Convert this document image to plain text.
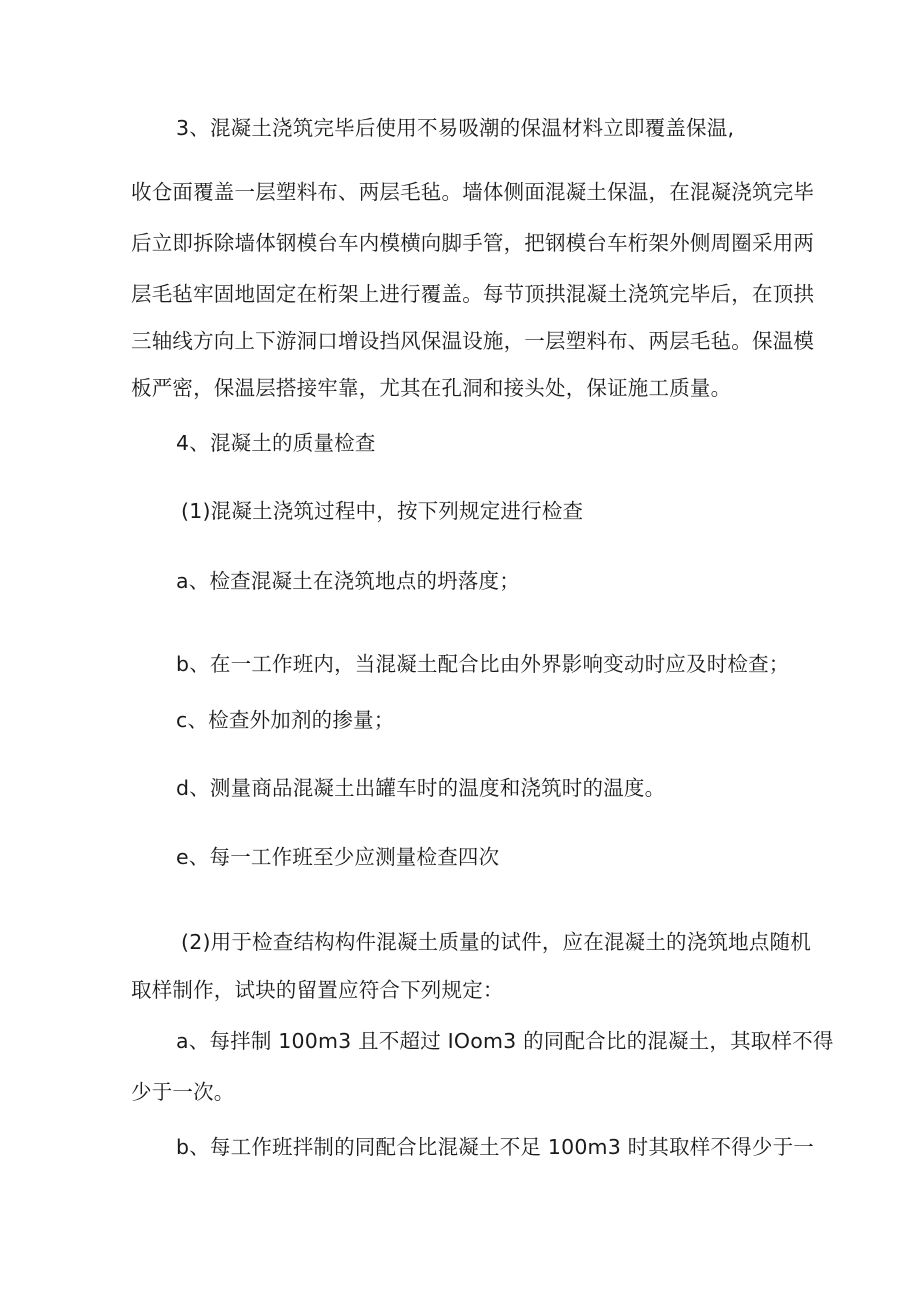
3、混凝土浇筑完毕后使用不易吸潮的保温材料立即覆盖保温,
收仓面覆盖一层塑料布、两层毛毡。墙体侧面混凝土保温，在混凝浇筑完毕
后立即拆除墙体钢模台车内模横向脚手管，把钢模台车桁架外侧周圈采用两
层毛毡牢固地固定在桁架上进行覆盖。每节顶拱混凝土浇筑完毕后，在顶拱
三轴线方向上下游洞口增设挡风保温设施，一层塑料布、两层毛毡。保温模
板严密，保温层搭接牢靠，尤其在孔洞和接头处，保证施工质量。
4、混凝土的质量检查
(1)混凝土浇筑过程中，按下列规定进行检查
a、检查混凝土在浇筑地点的坍落度；
b、在一工作班内，当混凝土配合比由外界影响变动时应及时检查；
c、检查外加剂的掺量；
d、测量商品混凝土出罐车时的温度和浇筑时的温度。
e、每一工作班至少应测量检查四次
(2)用于检查结构构件混凝土质量的试件，应在混凝土的浇筑地点随机
取样制作，试块的留置应符合下列规定：
a、每拌制 100m3 且不超过 IOom3 的同配合比的混凝土，其取样不得
少于一次。
b、每工作班拌制的同配合比混凝土不足 100m3 时其取样不得少于一
